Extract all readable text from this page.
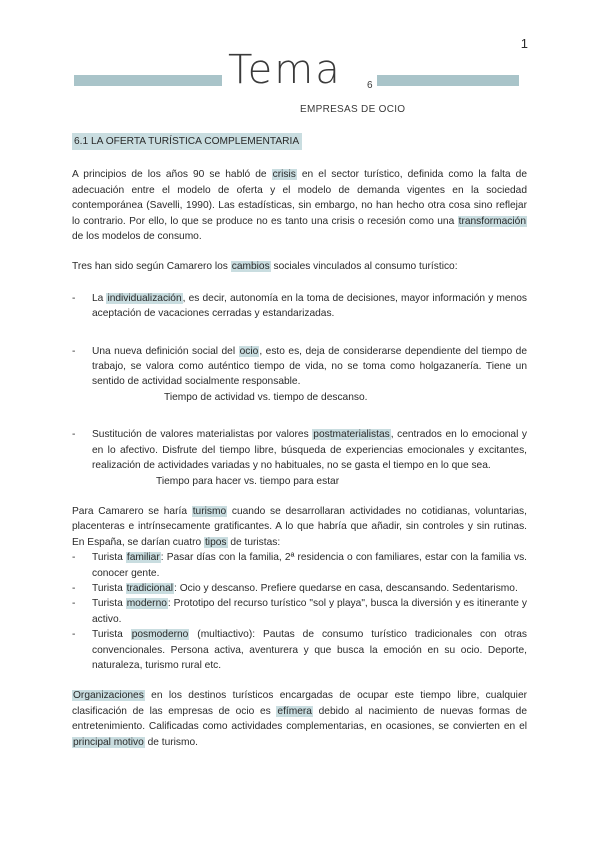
1
Tema	6
EMPRESAS DE OCIO
6.1 LA OFERTA TURÍSTICA COMPLEMENTARIA

A principios de los años 90 se habló de crisis en el sector turístico, definida como la falta de adecuación entre el modelo de oferta y el modelo de demanda vigentes en la sociedad contemporánea (Savelli, 1990). Las estadísticas, sin embargo, no han hecho otra cosa sino reflejar lo contrario. Por ello, lo que se produce no es tanto una crisis o recesión como una transformación de los modelos de consumo.

Tres han sido según Camarero los cambios sociales vinculados al consumo turístico:

- La individualización, es decir, autonomía en la toma de decisiones, mayor información y menos aceptación de vacaciones cerradas y estandarizadas.
- Una nueva definición social del ocio, esto es, deja de considerarse dependiente del tiempo de trabajo, se valora como auténtico tiempo de vida, no se toma como holgazanería. Tiene un sentido de actividad socialmente responsable.
Tiempo de actividad vs. tiempo de descanso.
- Sustitución de valores materialistas por valores postmaterialistas, centrados en lo emocional y en lo afectivo. Disfrute del tiempo libre, búsqueda de experiencias emocionales y excitantes, realización de actividades variadas y no habituales, no se gasta el tiempo en lo que sea.
Tiempo para hacer vs. tiempo para estar

Para Camarero se haría turismo cuando se desarrollaran actividades no cotidianas, voluntarias, placenteras e intrínsecamente gratificantes. A lo que habría que añadir, sin controles y sin rutinas. En España, se darían cuatro tipos de turistas:

- Turista familiar: Pasar días con la familia, 2ª residencia o con familiares, estar con la familia vs. conocer gente.
- Turista tradicional: Ocio y descanso. Prefiere quedarse en casa, descansando. Sedentarismo.
- Turista moderno: Prototipo del recurso turístico "sol y playa", busca la diversión y es itinerante y activo.
- Turista posmoderno (multiactivo): Pautas de consumo turístico tradicionales con otras convencionales. Persona activa, aventurera y que busca la emoción en su ocio. Deporte, naturaleza, turismo rural etc.

Organizaciones en los destinos turísticos encargadas de ocupar este tiempo libre, cualquier clasificación de las empresas de ocio es efímera debido al nacimiento de nuevas formas de entretenimiento. Calificadas como actividades complementarias, en ocasiones, se convierten en el principal motivo de turismo.
